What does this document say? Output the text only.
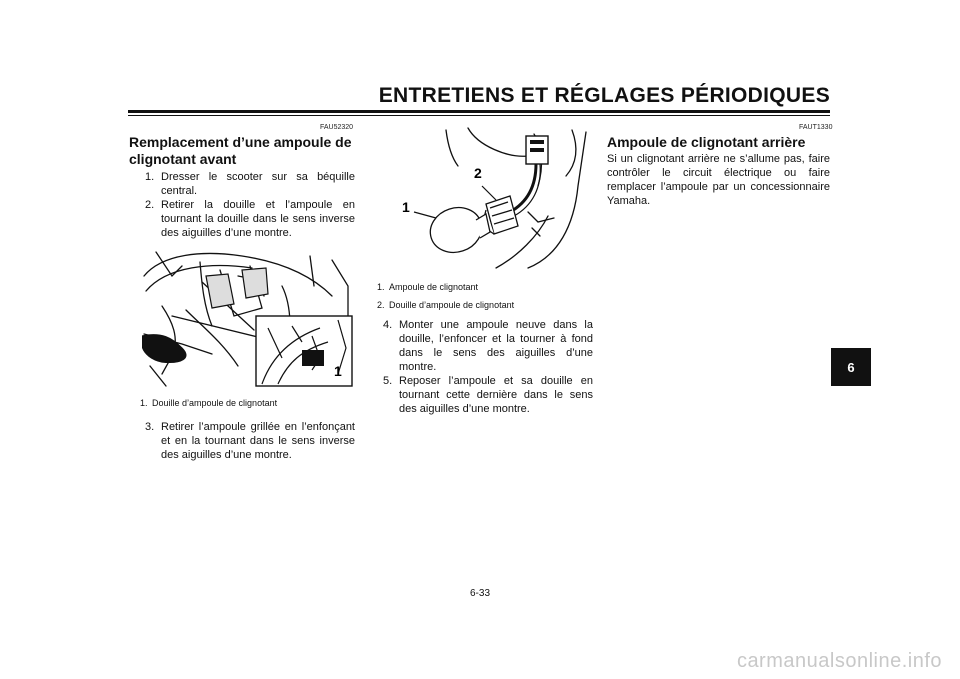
ENTRETIENS ET RÉGLAGES PÉRIODIQUES
6
FAU52320
Remplacement d’une ampoule de clignotant avant
1. Dresser le scooter sur sa béquille central.
2. Retirer la douille et l’ampoule en tournant la douille dans le sens inverse des aiguilles d’une montre.
1
1. Douille d’ampoule de clignotant
3. Retirer l’ampoule grillée en l’enfonçant et en la tournant dans le sens inverse des aiguilles d’une montre.
1
2
1. Ampoule de clignotant
2. Douille d’ampoule de clignotant
4. Monter une ampoule neuve dans la douille, l’enfoncer et la tourner à fond dans le sens des aiguilles d’une montre.
5. Reposer l’ampoule et sa douille en tournant cette dernière dans le sens des aiguilles d’une montre.
FAUT1330
Ampoule de clignotant arrière
Si un clignotant arrière ne s’allume pas, faire contrôler le circuit électrique ou faire remplacer l’ampoule par un concessionnaire Yamaha.
6-33
carmanualsonline.info
